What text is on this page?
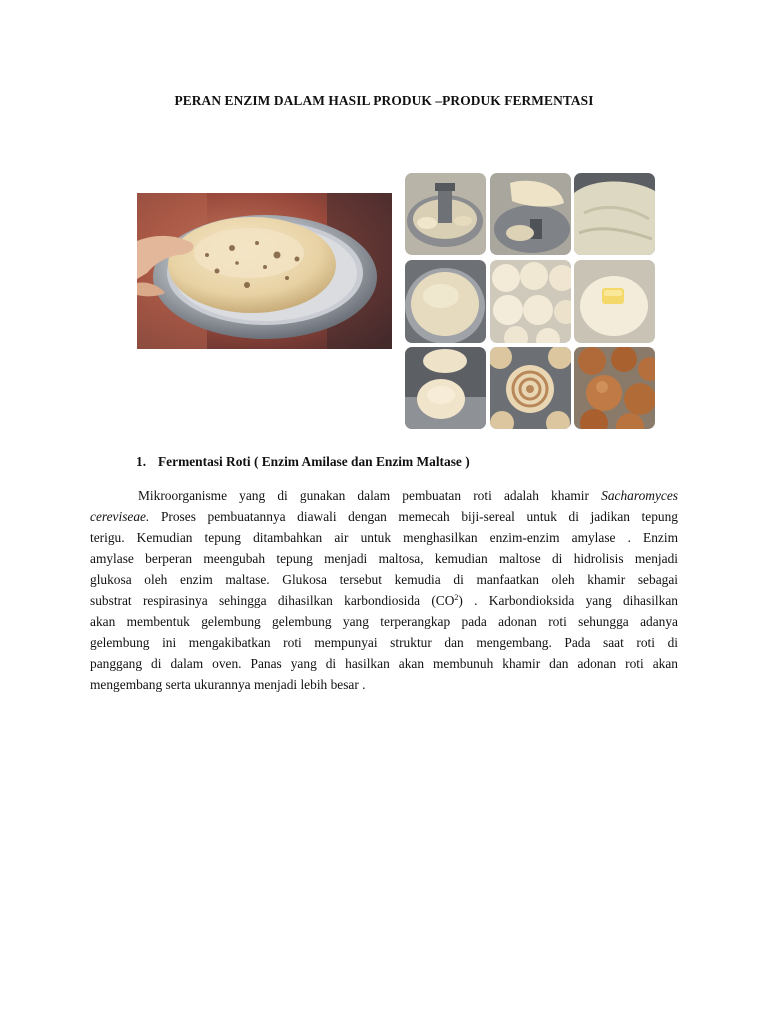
PERAN ENZIM DALAM HASIL PRODUK –PRODUK FERMENTASI
1. Fermentasi Roti ( Enzim Amilase dan Enzim Maltase )
Mikroorganisme yang di gunakan dalam pembuatan roti adalah khamir Sacharomyces
cereviseae. Proses pembuatannya diawali dengan memecah biji-sereal untuk di jadikan tepung
terigu. Kemudian tepung ditambahkan air untuk menghasilkan enzim-enzim amylase . Enzim
amylase berperan meengubah tepung menjadi maltosa, kemudian maltose di hidrolisis menjadi
glukosa oleh enzim maltase. Glukosa tersebut kemudia di manfaatkan oleh khamir sebagai
substrat respirasinya sehingga dihasilkan karbondiosida $(CO^2)$ . Karbondioksida yang dihasilkan
akan membentuk gelembung gelembung yang terperangkap pada adonan roti sehungga adanya
gelembung ini mengakibatkan roti mempunyai struktur dan mengembang. Pada saat roti di
panggang di dalam oven. Panas yang di hasilkan akan membunuh khamir dan adonan roti akan
mengembang serta ukurannya menjadi lebih besar .
